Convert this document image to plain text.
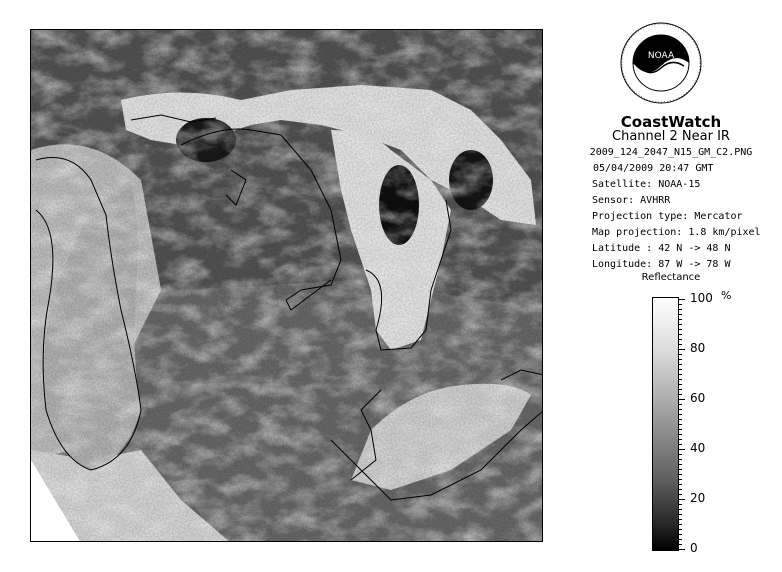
NOAA
CoastWatch
Channel 2 Near IR
2009_124_2047_N15_GM_C2.PNG
05/04/2009 20:47 GMT
Satellite: NOAA-15
Sensor: AVHRR
Projection type: Mercator
Map projection: 1.8 km/pixel
Latitude : 42 N -> 48 N
Longitude: 87 W -> 78 W
Reflectance
%
100
80
60
40
20
0
